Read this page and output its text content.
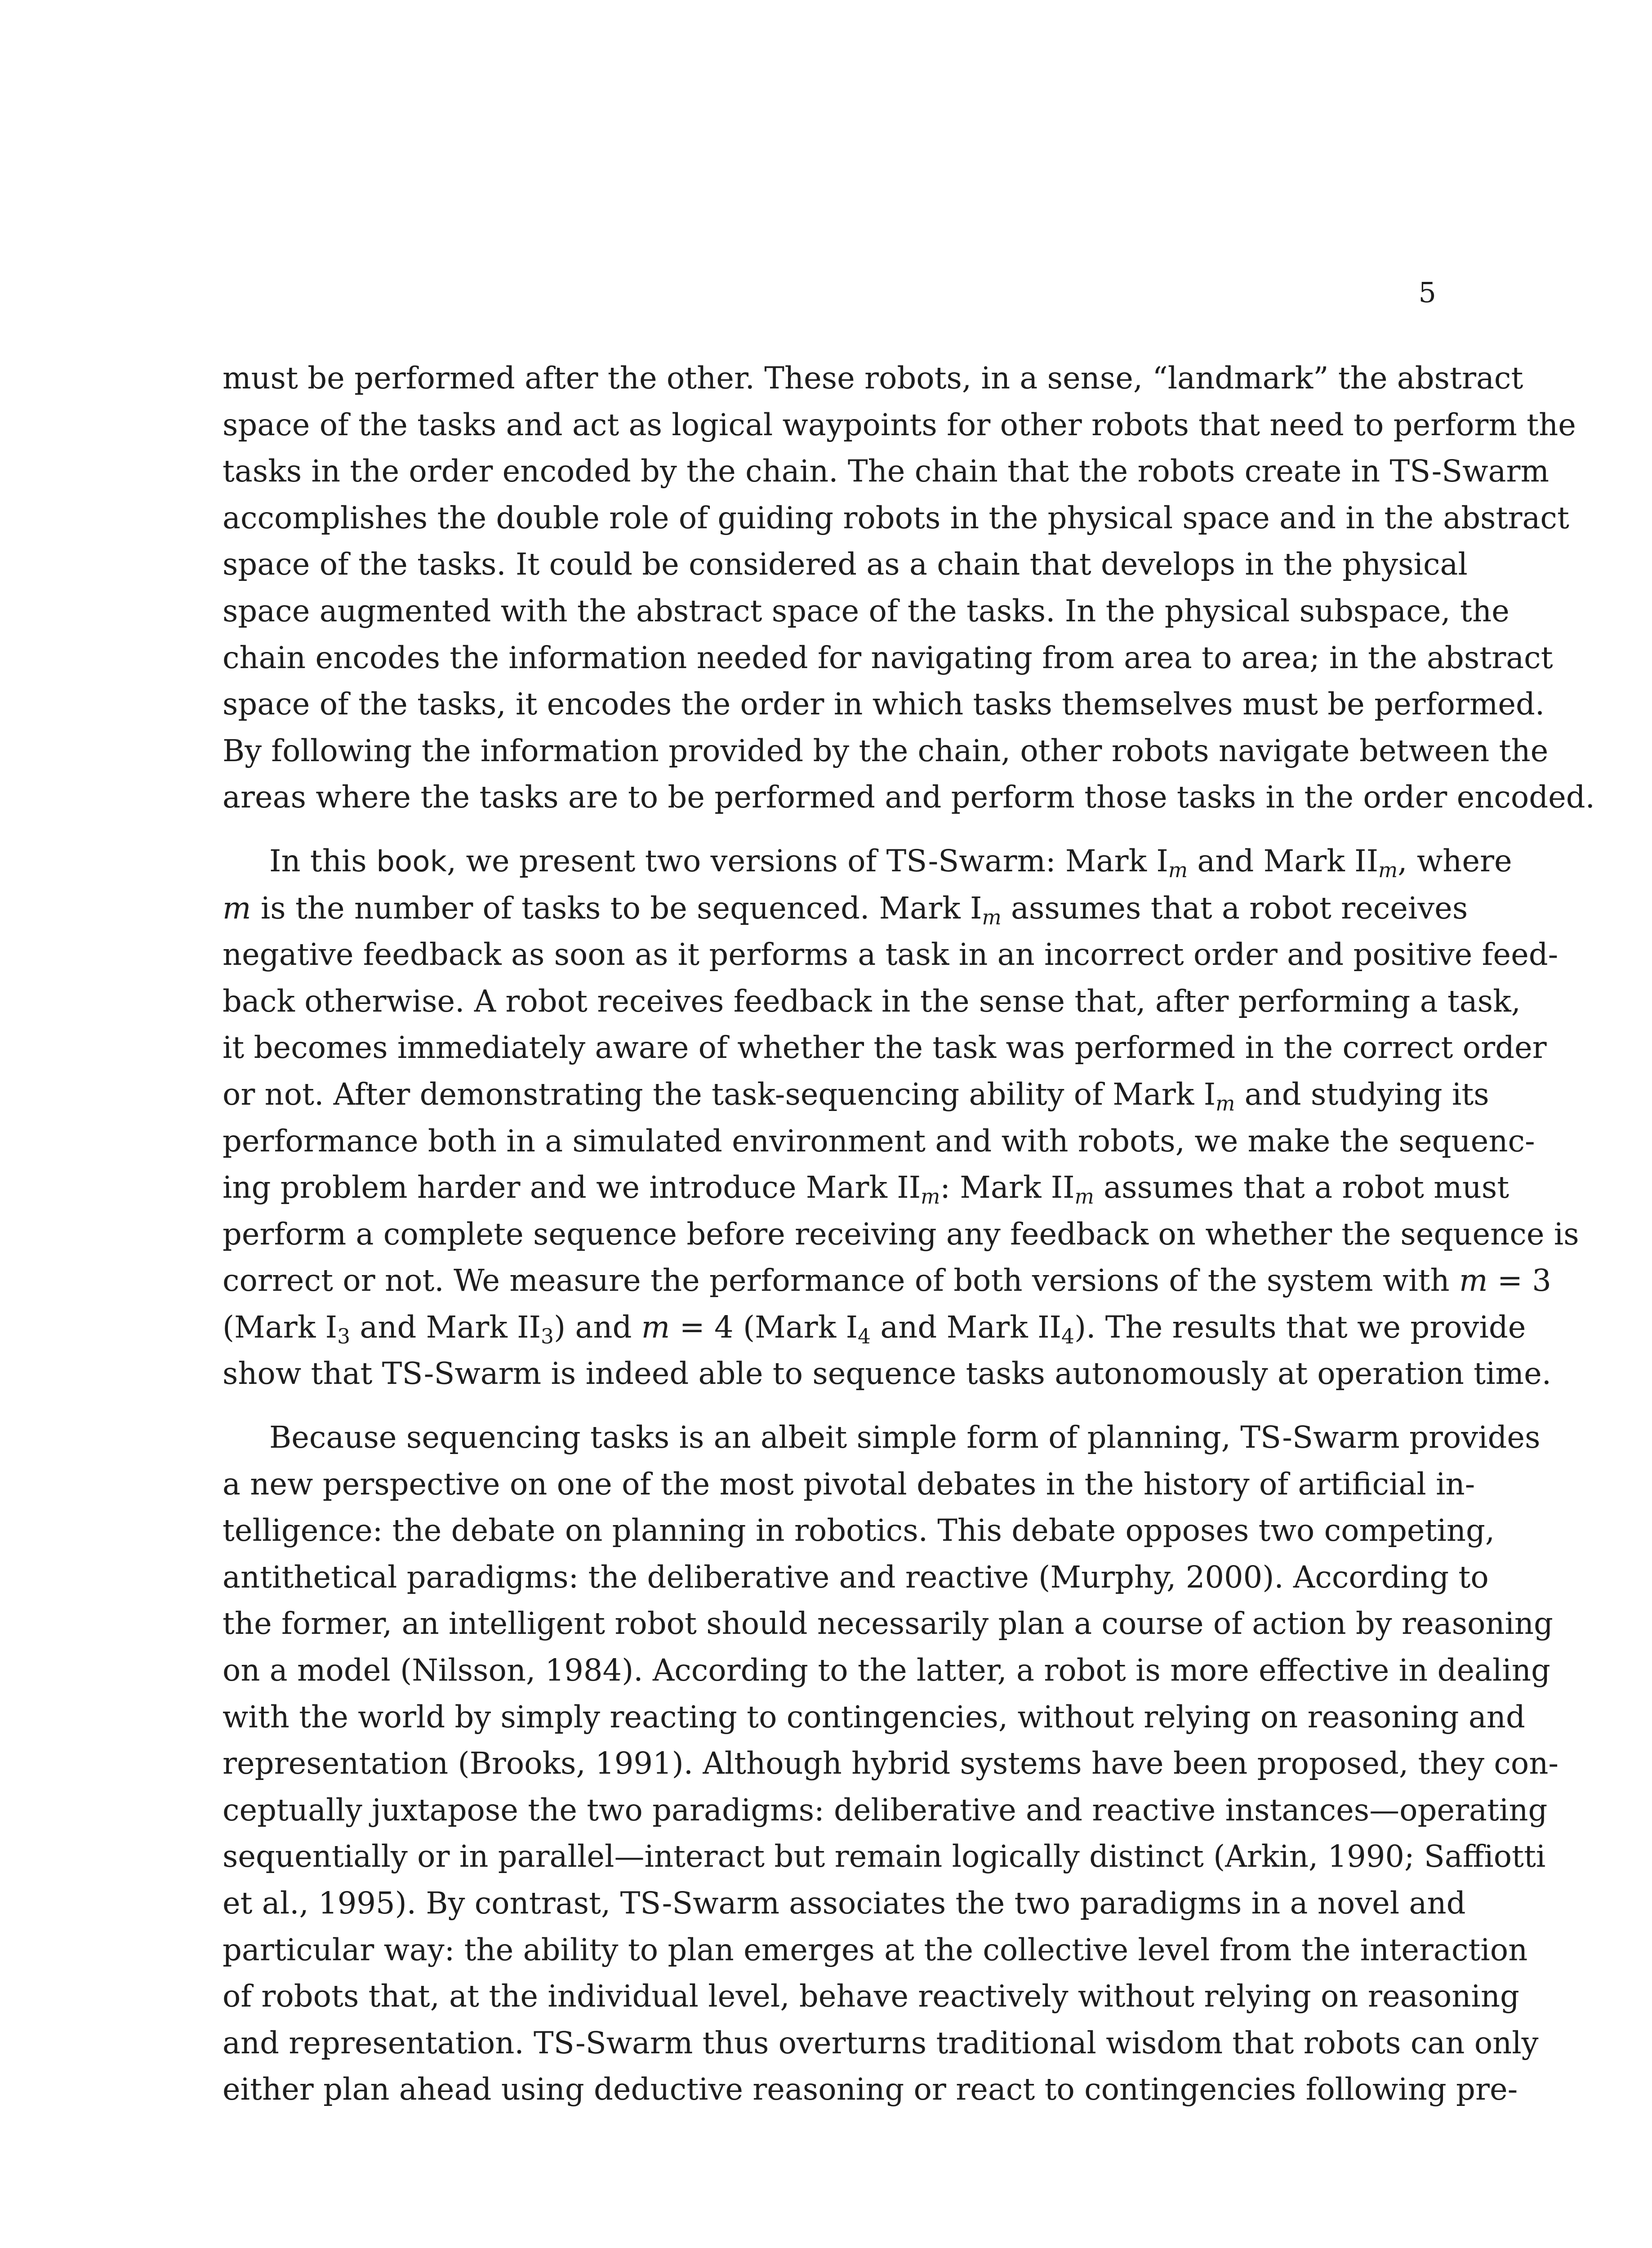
5

must be performed after the other. These robots, in a sense, “landmark” the abstract
space of the tasks and act as logical waypoints for other robots that need to perform the
tasks in the order encoded by the chain. The chain that the robots create in TS-Swarm
accomplishes the double role of guiding robots in the physical space and in the abstract
space of the tasks. It could be considered as a chain that develops in the physical
space augmented with the abstract space of the tasks. In the physical subspace, the
chain encodes the information needed for navigating from area to area; in the abstract
space of the tasks, it encodes the order in which tasks themselves must be performed.
By following the information provided by the chain, other robots navigate between the
areas where the tasks are to be performed and perform those tasks in the order encoded.

In this book, we present two versions of TS-Swarm: Mark $I_m$ and Mark $II_m$, where
m is the number of tasks to be sequenced. Mark $I_m$ assumes that a robot receives
negative feedback as soon as it performs a task in an incorrect order and positive feed-
back otherwise. A robot receives feedback in the sense that, after performing a task,
it becomes immediately aware of whether the task was performed in the correct order
or not. After demonstrating the task-sequencing ability of Mark $I_m$ and studying its
performance both in a simulated environment and with robots, we make the sequenc-
ing problem harder and we introduce Mark $II_m$: Mark $II_m$ assumes that a robot must
perform a complete sequence before receiving any feedback on whether the sequence is
correct or not. We measure the performance of both versions of the system with m = 3
(Mark $I_3$ and Mark $II_3$) and m = 4 (Mark $I_4$ and Mark $II_4$). The results that we provide
show that TS-Swarm is indeed able to sequence tasks autonomously at operation time.

Because sequencing tasks is an albeit simple form of planning, TS-Swarm provides
a new perspective on one of the most pivotal debates in the history of artificial in-
telligence: the debate on planning in robotics. This debate opposes two competing,
antithetical paradigms: the deliberative and reactive (Murphy, 2000). According to
the former, an intelligent robot should necessarily plan a course of action by reasoning
on a model (Nilsson, 1984). According to the latter, a robot is more effective in dealing
with the world by simply reacting to contingencies, without relying on reasoning and
representation (Brooks, 1991). Although hybrid systems have been proposed, they con-
ceptually juxtapose the two paradigms: deliberative and reactive instances—operating
sequentially or in parallel—interact but remain logically distinct (Arkin, 1990; Saffiotti
et al., 1995). By contrast, TS-Swarm associates the two paradigms in a novel and
particular way: the ability to plan emerges at the collective level from the interaction
of robots that, at the individual level, behave reactively without relying on reasoning
and representation. TS-Swarm thus overturns traditional wisdom that robots can only
either plan ahead using deductive reasoning or react to contingencies following pre-
